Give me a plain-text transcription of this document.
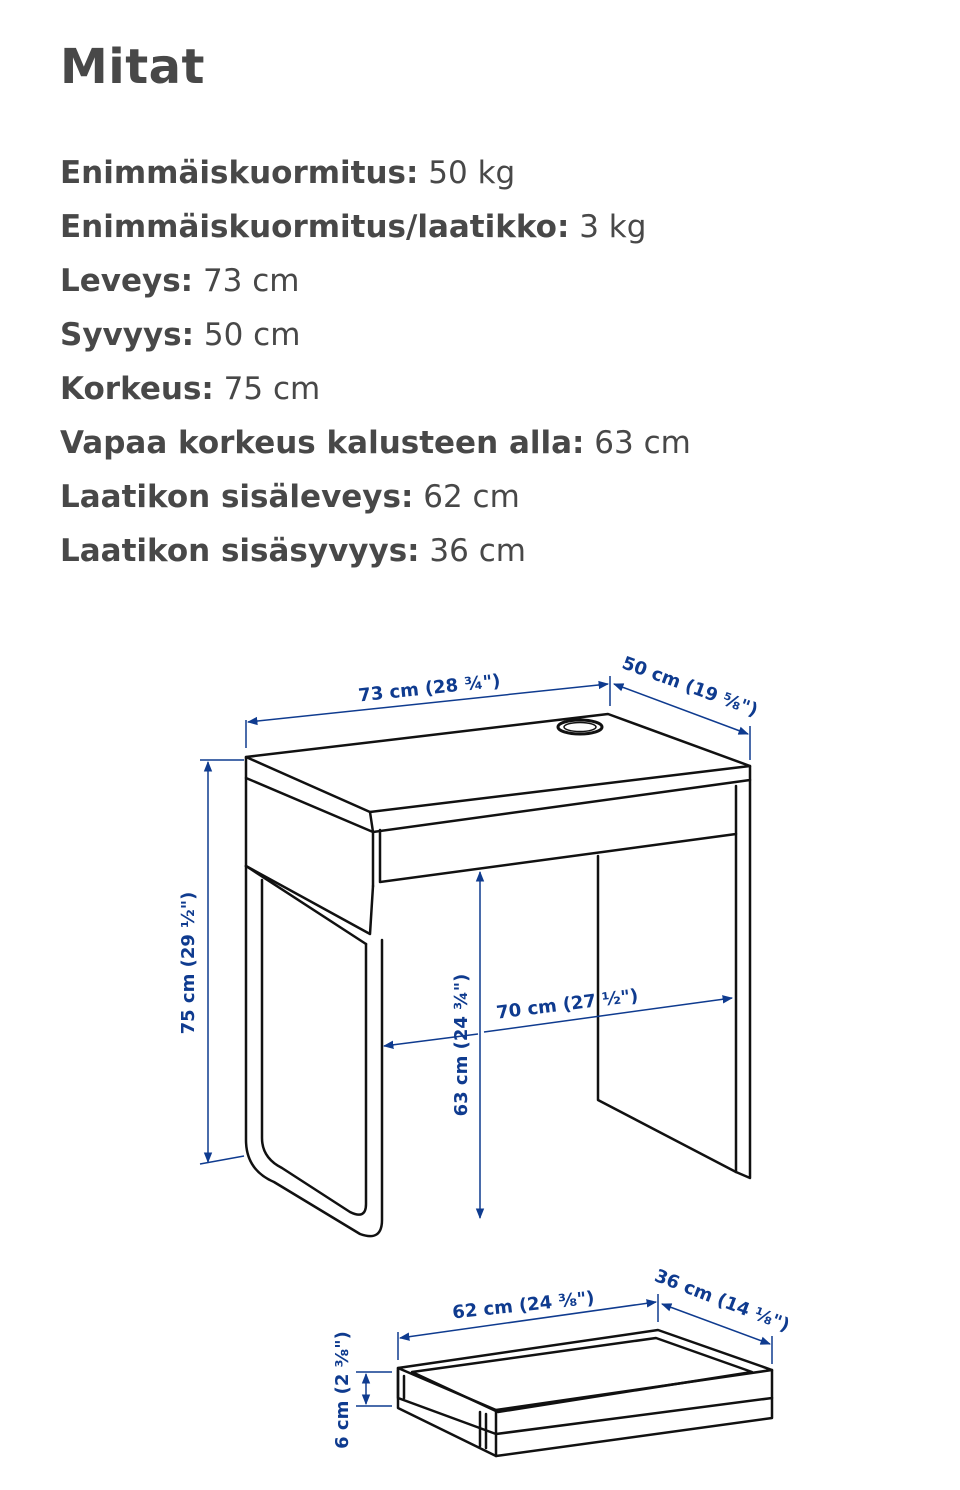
Mitat
Enimmäiskuormitus: 50 kg
Enimmäiskuormitus/laatikko: 3 kg
Leveys: 73 cm
Syvyys: 50 cm
Korkeus: 75 cm
Vapaa korkeus kalusteen alla: 63 cm
Laatikon sisäleveys: 62 cm
Laatikon sisäsyvyys: 36 cm
73 cm (28 ¾")	50 cm (19 ⅝")
75 cm (29 ½")
63 cm (24 ¾") 70 cm (27 ½")
62 cm (24 ⅜")	36 cm (14 ⅛")
6 cm (2 ⅜")
